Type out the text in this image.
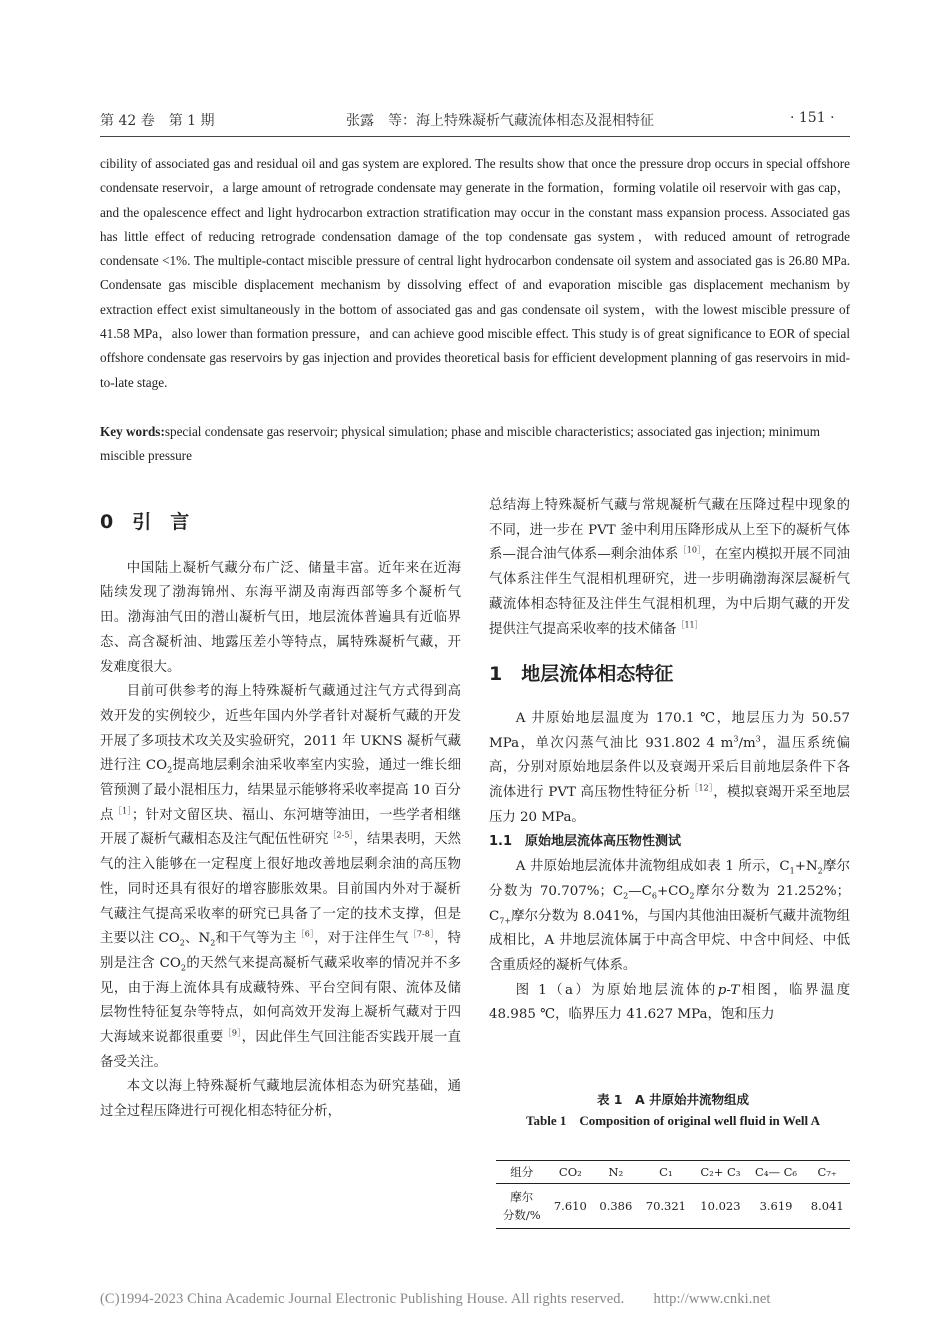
第 42 卷　第 1 期	张露　等：海上特殊凝析气藏流体相态及混相特征	· 151 ·
cibility of associated gas and residual oil and gas system are explored. The results show that once the pressure drop occurs in special offshore condensate reservoir，a large amount of retrograde condensate may generate in the formation，forming volatile oil reservoir with gas cap，and the opalescence effect and light hydrocarbon extraction stratification may occur in the constant mass expansion process. Associated gas has little effect of reducing retrograde condensation damage of the top condensate gas system，with reduced amount of retrograde condensate <1%. The multiple-contact miscible pressure of central light hydrocarbon condensate oil system and associated gas is 26.80 MPa. Condensate gas miscible displacement mechanism by dissolving effect of and evaporation miscible gas displacement mechanism by extraction effect exist simultaneously in the bottom of associated gas and gas condensate oil system，with the lowest miscible pressure of 41.58 MPa，also lower than formation pressure，and can achieve good miscible effect. This study is of great significance to EOR of special offshore condensate gas reservoirs by gas injection and provides theoretical basis for efficient development planning of gas reservoirs in mid-to-late stage.
Key words:special condensate gas reservoir; physical simulation; phase and miscible characteristics; associated gas injection; minimum miscible pressure

0　引　言

中国陆上凝析气藏分布广泛、储量丰富。近年来在近海陆续发现了渤海锦州、东海平湖及南海西部等多个凝析气田。渤海油气田的潜山凝析气田，地层流体普遍具有近临界态、高含凝析油、地露压差小等特点，属特殊凝析气藏，开发难度很大。

目前可供参考的海上特殊凝析气藏通过注气方式得到高效开发的实例较少，近些年国内外学者针对凝析气藏的开发开展了多项技术攻关及实验研究，2011 年 UKNS 凝析气藏进行注 $CO_2$提高地层剩余油采收率室内实验，通过一维长细管预测了最小混相压力，结果显示能够将采收率提高 10 百分点$^{[1]}$；针对文留区块、福山、东河塘等油田，一些学者相继开展了凝析气藏相态及注气配伍性研究$^{[2-5]}$，结果表明，天然气的注入能够在一定程度上很好地改善地层剩余油的高压物性，同时还具有很好的增容膨胀效果。目前国内外对于凝析气藏注气提高采收率的研究已具备了一定的技术支撑，但是主要以注 $CO_2$、$N_2$和干气等为主$^{[6]}$，对于注伴生气$^{[7-8]}$，特别是注含 $CO_2$的天然气来提高凝析气藏采收率的情况并不多见，由于海上流体具有成藏特殊、平台空间有限、流体及储层物性特征复杂等特点，如何高效开发海上凝析气藏对于四大海域来说都很重要$^{[9]}$，因此伴生气回注能否实践开展一直备受关注。

本文以海上特殊凝析气藏地层流体相态为研究基础，通过全过程压降进行可视化相态特征分析，

总结海上特殊凝析气藏与常规凝析气藏在压降过程中现象的不同，进一步在 PVT 釜中利用压降形成从上至下的凝析气体系—混合油气体系—剩余油体系$^{[10]}$，在室内模拟开展不同油气体系注伴生气混相机理研究，进一步明确渤海深层凝析气藏流体相态特征及注伴生气混相机理，为中后期气藏的开发提供注气提高采收率的技术储备$^{[11]}$

1　地层流体相态特征

A 井原始地层温度为 170.1 ℃，地层压力为 50.57 MPa，单次闪蒸气油比 931.802 4 $m^3/m^3$，温压系统偏高，分别对原始地层条件以及衰竭开采后目前地层条件下各流体进行 PVT 高压物性特征分析$^{[12]}$，模拟衰竭开采至地层压力 20 MPa。

1.1　原始地层流体高压物性测试

A 井原始地层流体井流物组成如表 1 所示，$C_1+N_2$摩尔分数为 70.707%；$C_2—C_6+CO_2$摩尔分数为 21.252%；$C_{7+}$摩尔分数为 8.041%，与国内其他油田凝析气藏井流物组成相比，A 井地层流体属于中高含甲烷、中含中间烃、中低含重质烃的凝析气体系。

图 1（a）为原始地层流体的p-T相图，临界温度 48.985 ℃，临界压力 41.627 MPa，饱和压力

表 1　A 井原始井流物组成
Table 1　Composition of original well fluid in Well A
组分	CO₂	N₂	C₁	C₂+ C₃	C₄— C₆	C₇₊
摩尔
分数/%	7.610	0.386	70.321	10.023	3.619	8.041
(C)1994-2023 China Academic Journal Electronic Publishing House. All rights reserved.　　http://www.cnki.net
